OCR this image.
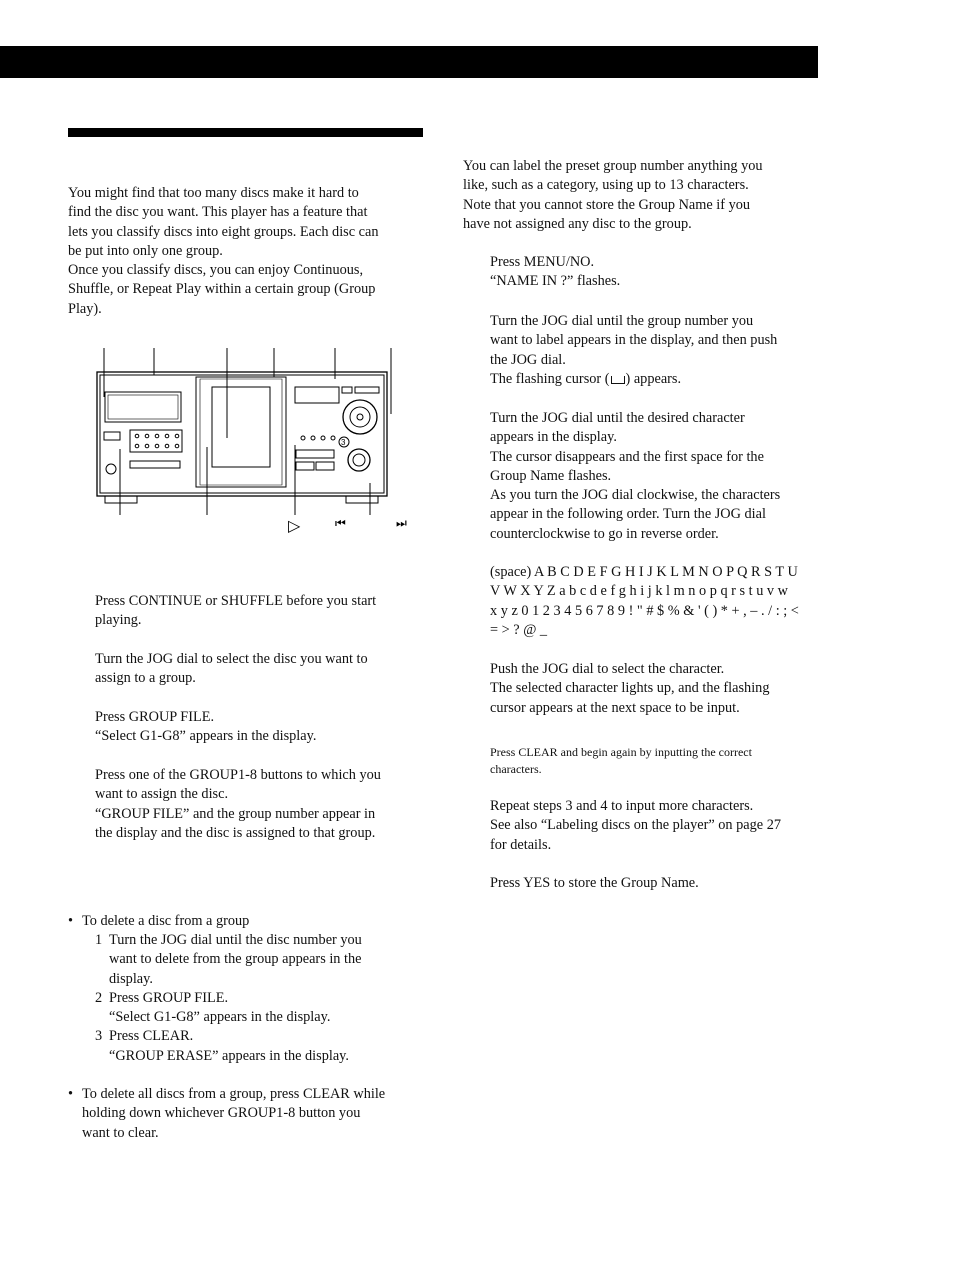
You might find that too many discs make it hard to
find the disc you want. This player has a feature that
lets you classify discs into eight groups. Each disc can
be put into only one group.
Once you classify discs, you can enjoy Continuous,
Shuffle, or Repeat Play within a certain group (Group
Play).

3
▷	⏮	⏭

Press CONTINUE or SHUFFLE before you start
playing.

Turn the JOG dial to select the disc you want to
assign to a group.

Press GROUP FILE.
“Select G1-G8” appears in the display.

Press one of the GROUP1-8 buttons to which you
want to assign the disc.
“GROUP FILE” and the group number appear in
the display and the disc is assigned to that group.

• To delete a disc from a group

1 Turn the JOG dial until the disc number you
want to delete from the group appears in the
display.
2 Press GROUP FILE.
“Select G1-G8” appears in the display.
3 Press CLEAR.
“GROUP ERASE” appears in the display.
• To delete all discs from a group, press CLEAR while
holding down whichever GROUP1-8 button you
want to clear.

You can label the preset group number anything you
like, such as a category, using up to 13 characters.
Note that you cannot store the Group Name if you
have not assigned any disc to the group.

Press MENU/NO.
“NAME IN ?” flashes.

Turn the JOG dial until the group number you
want to label appears in the display, and then push
the JOG dial.
The flashing cursor ( ) appears.

Turn the JOG dial until the desired character
appears in the display.
The cursor disappears and the first space for the
Group Name flashes.
As you turn the JOG dial clockwise, the characters
appear in the following order. Turn the JOG dial
counterclockwise to go in reverse order.

(space) A B C D E F G H I J K L M N O P Q R S T U
V W X Y Z a b c d e f g h i j k l m n o p q r s t u v w
x y z 0 1 2 3 4 5 6 7 8 9 ! " # $ % & ' ( ) * + , – . / : ; <
= > ? @ _

Push the JOG dial to select the character.
The selected character lights up, and the flashing
cursor appears at the next space to be input.

Press CLEAR and begin again by inputting the correct
characters.

Repeat steps 3 and 4 to input more characters.
See also “Labeling discs on the player” on page 27
for details.

Press YES to store the Group Name.
